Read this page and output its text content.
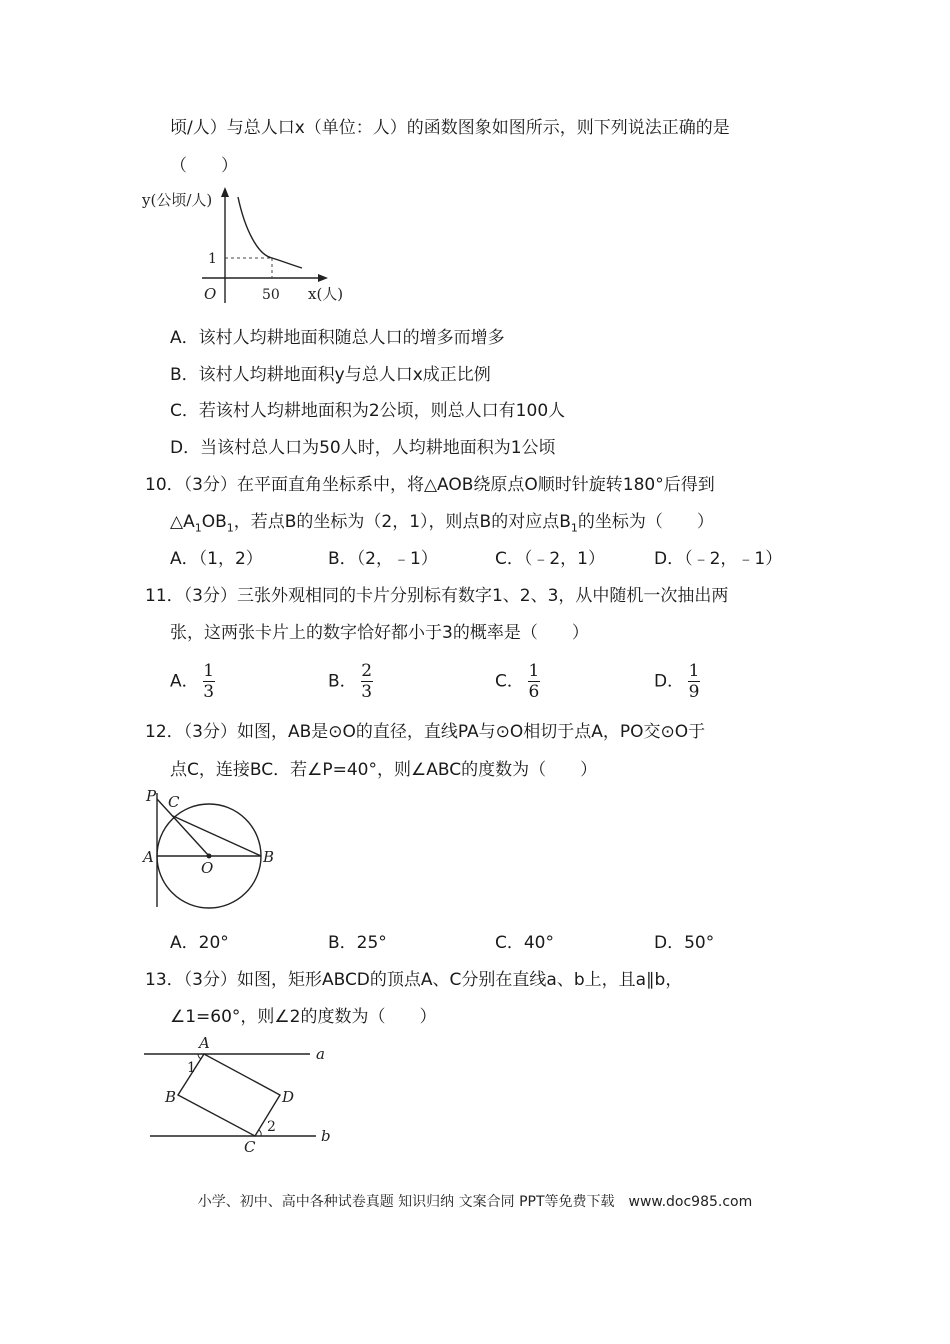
顷/人）与总人口x（单位：人）的函数图象如图所示，则下列说法正确的是
（　　）
y(公顷/人)
1
O	50 x(人)
A．该村人均耕地面积随总人口的增多而增多
B．该村人均耕地面积y与总人口x成正比例
C．若该村人均耕地面积为2公顷，则总人口有100人
D．当该村总人口为50人时，人均耕地面积为1公顷
10．（3分）在平面直角坐标系中，将△AOB绕原点O顺时针旋转180°后得到
$\triangle A_1OB_1$，若点B的坐标为（2，1），则点B的对应点$B_1$的坐标为（　　）
A．（1，2）	B．（2，﹣1）	C．（﹣2，1）	D．（﹣2，﹣1）
11．（3分）三张外观相同的卡片分别标有数字1、2、3，从中随机一次抽出两
张，这两张卡片上的数字恰好都小于3的概率是（　　）
A． $\frac{1}{3}$	B． $\frac{2}{3}$	C． $\frac{1}{6}$	D． $\frac{1}{9}$
12．（3分）如图，AB是⊙O的直径，直线PA与⊙O相切于点A，PO交⊙O于
点C，连接BC．若∠P=40°，则∠ABC的度数为（　　）
P C
A
O
B
A．20°	B．25°	C．40°	D．50°
13．（3分）如图，矩形ABCD的顶点A、C分别在直线a、b上，且a∥b，
∠1=60°，则∠2的度数为（　　）
A
1
a
B	D
2	b
C
小学、初中、高中各种试卷真题 知识归纳 文案合同 PPT等免费下载　www.doc985.com
